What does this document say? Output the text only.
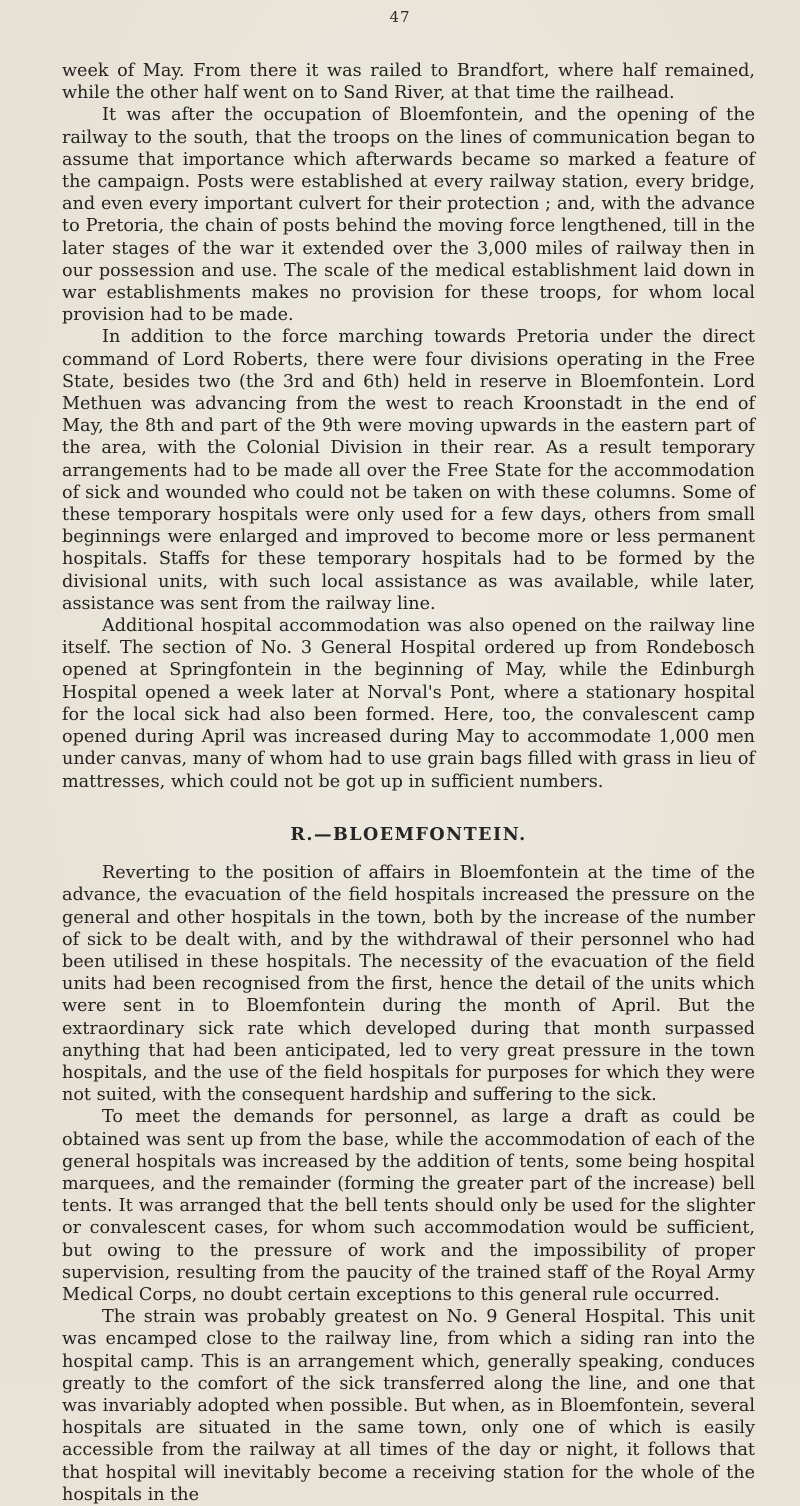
47

week of May. From there it was railed to Brandfort, where half remained, while the other half went on to Sand River, at that time the railhead.

It was after the occupation of Bloemfontein, and the opening of the railway to the south, that the troops on the lines of communication began to assume that importance which afterwards became so marked a feature of the campaign. Posts were established at every railway station, every bridge, and even every important culvert for their protection ; and, with the advance to Pretoria, the chain of posts behind the moving force lengthened, till in the later stages of the war it extended over the 3,000 miles of railway then in our possession and use. The scale of the medical establishment laid down in war establishments makes no provision for these troops, for whom local provision had to be made.

In addition to the force marching towards Pretoria under the direct command of Lord Roberts, there were four divisions operating in the Free State, besides two (the 3rd and 6th) held in reserve in Bloemfontein. Lord Methuen was advancing from the west to reach Kroonstadt in the end of May, the 8th and part of the 9th were moving upwards in the eastern part of the area, with the Colonial Division in their rear. As a result temporary arrangements had to be made all over the Free State for the accommodation of sick and wounded who could not be taken on with these columns. Some of these temporary hospitals were only used for a few days, others from small beginnings were enlarged and improved to become more or less permanent hospitals. Staffs for these temporary hospitals had to be formed by the divisional units, with such local assistance as was available, while later, assistance was sent from the railway line.

Additional hospital accommodation was also opened on the railway line itself. The section of No. 3 General Hospital ordered up from Rondebosch opened at Springfontein in the beginning of May, while the Edinburgh Hospital opened a week later at Norval's Pont, where a stationary hospital for the local sick had also been formed. Here, too, the convalescent camp opened during April was increased during May to accommodate 1,000 men under canvas, many of whom had to use grain bags filled with grass in lieu of mattresses, which could not be got up in sufficient numbers.

R.—BLOEMFONTEIN.

Reverting to the position of affairs in Bloemfontein at the time of the advance, the evacuation of the field hospitals increased the pressure on the general and other hospitals in the town, both by the increase of the number of sick to be dealt with, and by the withdrawal of their personnel who had been utilised in these hospitals. The necessity of the evacuation of the field units had been recognised from the first, hence the detail of the units which were sent in to Bloemfontein during the month of April. But the extraordinary sick rate which developed during that month surpassed anything that had been anticipated, led to very great pressure in the town hospitals, and the use of the field hospitals for purposes for which they were not suited, with the consequent hardship and suffering to the sick.

To meet the demands for personnel, as large a draft as could be obtained was sent up from the base, while the accommodation of each of the general hospitals was increased by the addition of tents, some being hospital marquees, and the remainder (forming the greater part of the increase) bell tents. It was arranged that the bell tents should only be used for the slighter or convalescent cases, for whom such accommodation would be sufficient, but owing to the pressure of work and the impossibility of proper supervision, resulting from the paucity of the trained staff of the Royal Army Medical Corps, no doubt certain exceptions to this general rule occurred.

The strain was probably greatest on No. 9 General Hospital. This unit was encamped close to the railway line, from which a siding ran into the hospital camp. This is an arrangement which, generally speaking, conduces greatly to the comfort of the sick transferred along the line, and one that was invariably adopted when possible. But when, as in Bloemfontein, several hospitals are situated in the same town, only one of which is easily accessible from the railway at all times of the day or night, it follows that that hospital will inevitably become a receiving station for the whole of the hospitals in the
